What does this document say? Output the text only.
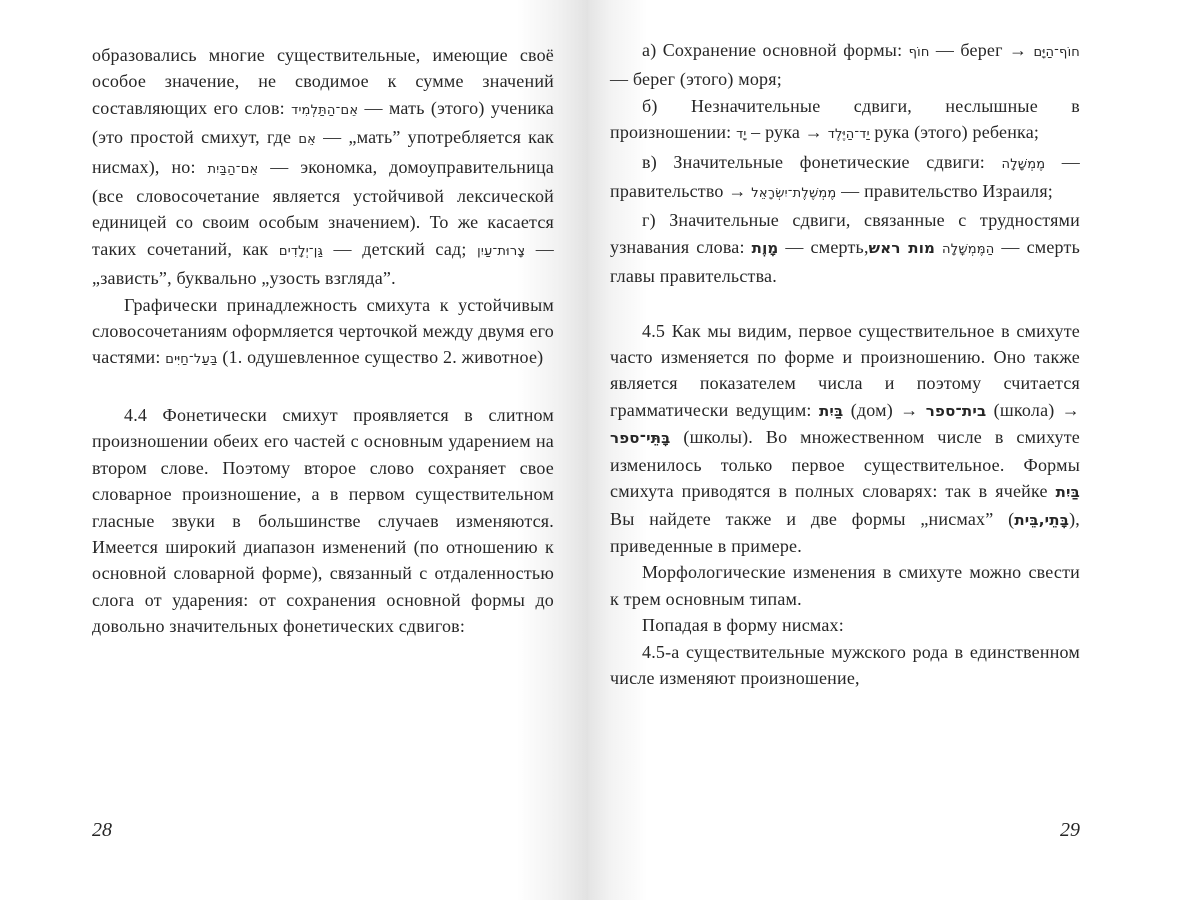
образовались многие существительные, имеющие своё особое значение, не сводимое к сумме значений составляющих его слов: אֵם־הַתַּלְמִיד — мать (этого) ученика (это простой смихут, где אֵם — „мать” употребляется как нисмах), но: אֵם־הַבַּיִת — экономка, домоуправительница (все словосочетание является устойчивой лексической единицей со своим особым значением). То же касается таких сочетаний, как גַּן־יְלָדִים — детский сад; צָרוּת־עַיִן — „зависть”, буквально „узость взгляда”.

Графически принадлежность смихута к устойчивым словосочетаниям оформляется черточкой между двумя его частями: בַּעַל־חַיִּים (1. одушевленное существо 2. животное)

4.4 Фонетически смихут проявляется в слитном произношении обеих его частей с основным ударением на втором слове. Поэтому второе слово сохраняет свое словарное произношение, а в первом существительном гласные звуки в большинстве случаев изменяются. Имеется широкий диапазон изменений (по отношению к основной словарной форме), связанный с отдаленностью слога от ударения: от сохранения основной формы до довольно значительных фонетических сдвигов:

28

а) Сохранение основной формы: חוֹף — берег → חוֹף־הַיָּם — берег (этого) моря;

б) Незначительные сдвиги, неслышные в произношении: יָד – рука → יַד־הַיֶּלֶד рука (этого) ребенка;

в) Значительные фонетические сдвиги: מֶמְשָׁלָה — правительство → מֶמְשֶׁלֶת־יִשְׂרָאֵל — правительство Израиля;

г) Значительные сдвиги, связанные с трудностями узнавания слова: מָוֶת — смерть,מות ראש הַמֶּמְשָׁלָה — смерть главы правительства.

4.5 Как мы видим, первое существительное в смихуте часто изменяется по форме и произношению. Оно также является показателем числа и поэтому считается грамматически ведущим: בַּיִת (дом) → בית־ספר (школа) → בָּתֵּי־ספר (школы). Во множественном числе в смихуте изменилось только первое существительное. Формы смихута приводятся в полных словарях: так в ячейке בַּיִת Вы найдете также и две формы „нисмах” (בָּתֵי,בֵּית), приведенные в примере.

Морфологические изменения в смихуте можно свести к трем основным типам.

Попадая в форму нисмах:

4.5-а существительные мужского рода в единственном числе изменяют произношение,

29
